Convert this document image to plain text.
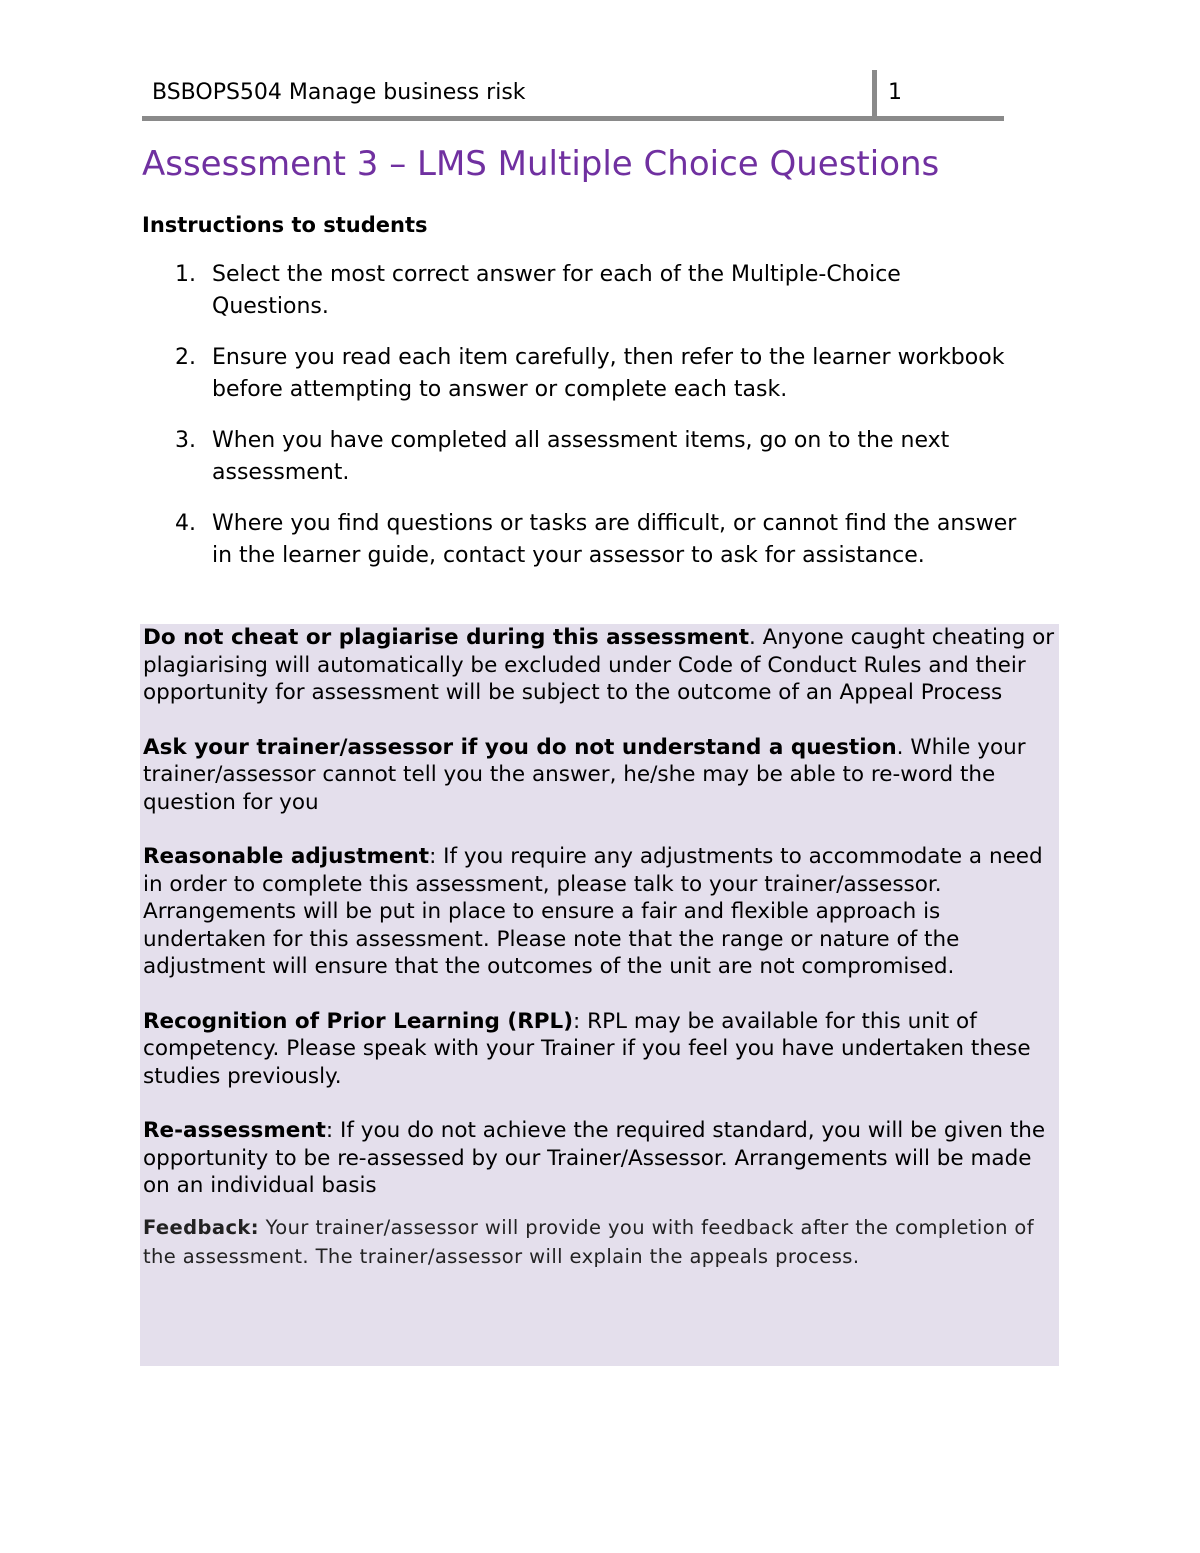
BSBOPS504 Manage business risk	1
Assessment 3 – LMS Multiple Choice Questions
Instructions to students
1. Select the most correct answer for each of the Multiple-Choice Questions.
2. Ensure you read each item carefully, then refer to the learner workbook before attempting to answer or complete each task.
3. When you have completed all assessment items, go on to the next assessment.
4. Where you find questions or tasks are difficult, or cannot find the answer in the learner guide, contact your assessor to ask for assistance.

Do not cheat or plagiarise during this assessment. Anyone caught cheating or plagiarising will automatically be excluded under Code of Conduct Rules and their opportunity for assessment will be subject to the outcome of an Appeal Process

Ask your trainer/assessor if you do not understand a question. While your trainer/assessor cannot tell you the answer, he/she may be able to re-word the question for you

Reasonable adjustment: If you require any adjustments to accommodate a need in order to complete this assessment, please talk to your trainer/assessor. Arrangements will be put in place to ensure a fair and flexible approach is undertaken for this assessment. Please note that the range or nature of the adjustment will ensure that the outcomes of the unit are not compromised.

Recognition of Prior Learning (RPL): RPL may be available for this unit of competency. Please speak with your Trainer if you feel you have undertaken these studies previously.

Re-assessment: If you do not achieve the required standard, you will be given the opportunity to be re-assessed by our Trainer/Assessor. Arrangements will be made on an individual basis

Feedback: Your trainer/assessor will provide you with feedback after the completion of the assessment. The trainer/assessor will explain the appeals process.
